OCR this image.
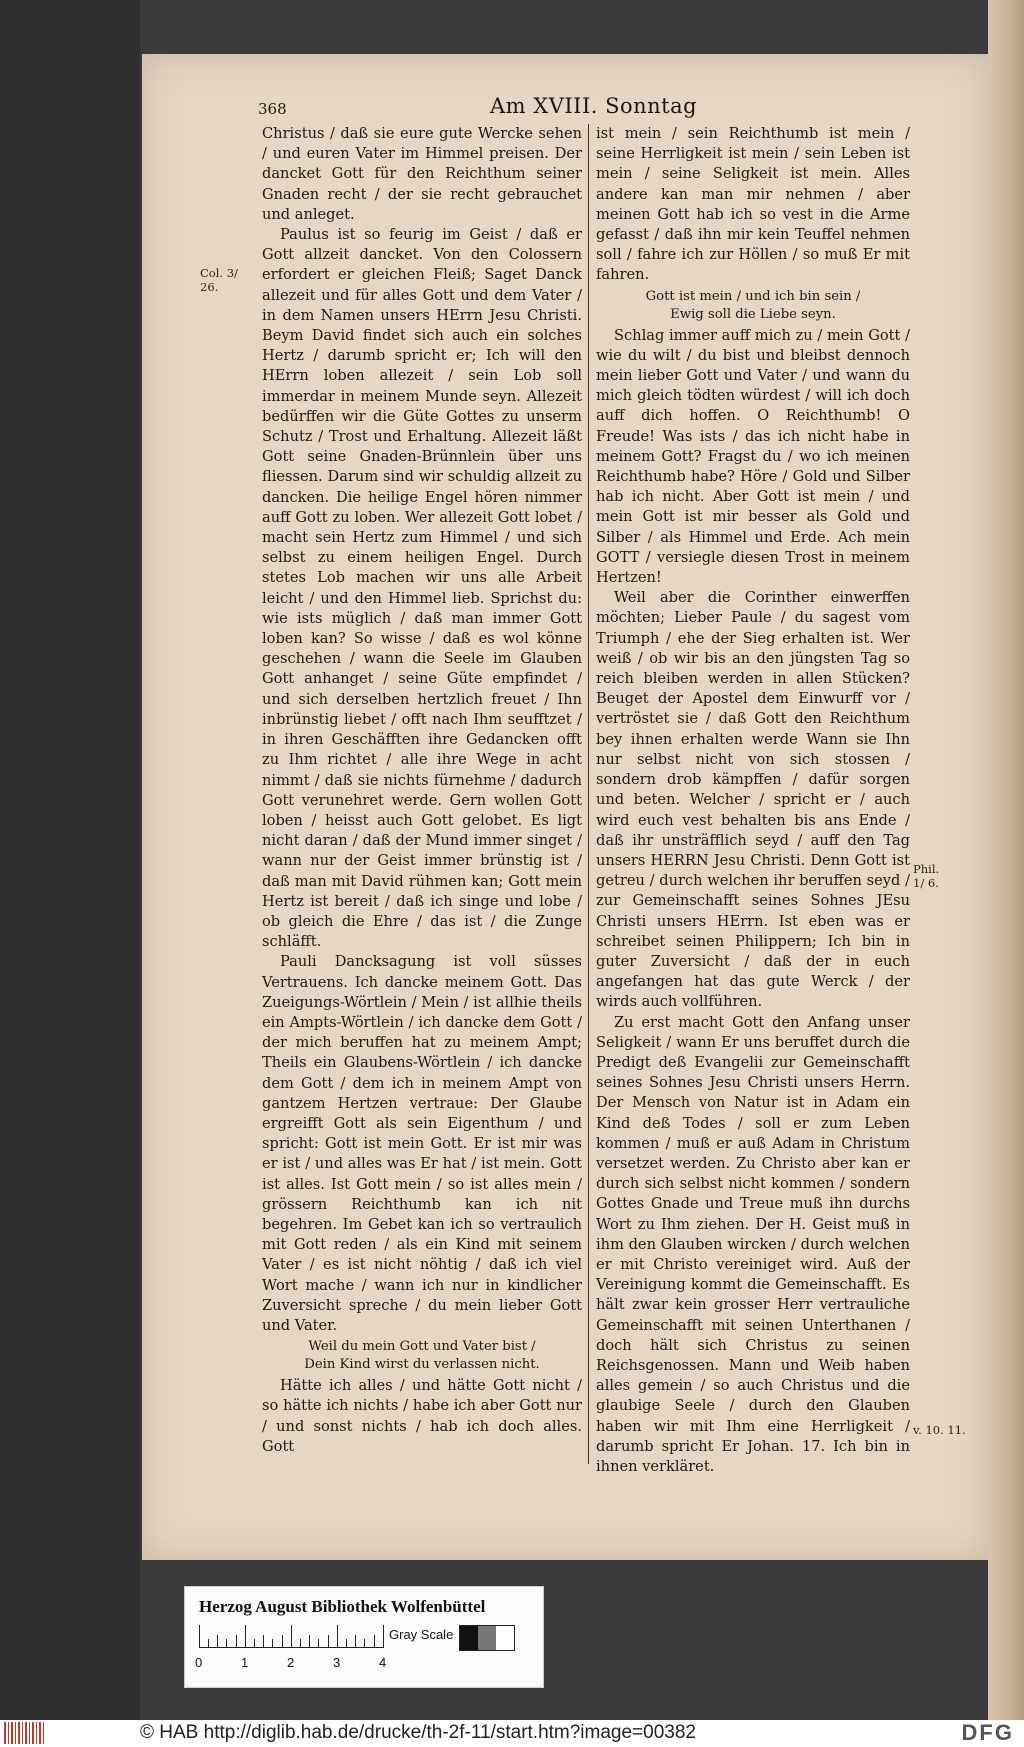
368	Am XVIII. Sonntag

Christus / daß sie eure gute Wercke sehen / und euren Vater im Himmel preisen. Der dancket Gott für den Reichthum seiner Gnaden recht / der sie recht gebrauchet und anleget.

Paulus ist so feurig im Geist / daß er Gott allzeit dancket. Von den Colossern erfordert er gleichen Fleiß; Saget Danck allezeit und für alles Gott und dem Vater / in dem Namen unsers HErrn Jesu Christi. Beym David findet sich auch ein solches Hertz / darumb spricht er; Ich will den HErrn loben allezeit / sein Lob soll immerdar in meinem Munde seyn. Allezeit bedürffen wir die Güte Gottes zu unserm Schutz / Trost und Erhaltung. Allezeit läßt Gott seine Gnaden-Brünnlein über uns fliessen. Darum sind wir schuldig allzeit zu dancken. Die heilige Engel hören nimmer auff Gott zu loben. Wer allezeit Gott lobet / macht sein Hertz zum Himmel / und sich selbst zu einem heiligen Engel. Durch stetes Lob machen wir uns alle Arbeit leicht / und den Himmel lieb. Sprichst du: wie ists müglich / daß man immer Gott loben kan? So wisse / daß es wol könne geschehen / wann die Seele im Glauben Gott anhanget / seine Güte empfindet / und sich derselben hertzlich freuet / Ihn inbrünstig liebet / offt nach Ihm seufftzet / in ihren Geschäfften ihre Gedancken offt zu Ihm richtet / alle ihre Wege in acht nimmt / daß sie nichts fürnehme / dadurch Gott verunehret werde. Gern wollen Gott loben / heisst auch Gott gelobet. Es ligt nicht daran / daß der Mund immer singet / wann nur der Geist immer brünstig ist / daß man mit David rühmen kan; Gott mein Hertz ist bereit / daß ich singe und lobe / ob gleich die Ehre / das ist / die Zunge schläfft.

Pauli Dancksagung ist voll süsses Vertrauens. Ich dancke meinem Gott. Das Zueigungs-Wörtlein / Mein / ist allhie theils ein Ampts-Wörtlein / ich dancke dem Gott / der mich beruffen hat zu meinem Ampt; Theils ein Glaubens-Wörtlein / ich dancke dem Gott / dem ich in meinem Ampt von gantzem Hertzen vertraue: Der Glaube ergreifft Gott als sein Eigenthum / und spricht: Gott ist mein Gott. Er ist mir was er ist / und alles was Er hat / ist mein. Gott ist alles. Ist Gott mein / so ist alles mein / grössern Reichthumb kan ich nit begehren. Im Gebet kan ich so vertraulich mit Gott reden / als ein Kind mit seinem Vater / es ist nicht nöhtig / daß ich viel Wort mache / wann ich nur in kindlicher Zuversicht spreche / du mein lieber Gott und Vater.

Weil du mein Gott und Vater bist /
Dein Kind wirst du verlassen nicht.

Hätte ich alles / und hätte Gott nicht / so hätte ich nichts / habe ich aber Gott nur / und sonst nichts / hab ich doch alles. Gott

ist mein / sein Reichthumb ist mein / seine Herrligkeit ist mein / sein Leben ist mein / seine Seligkeit ist mein. Alles andere kan man mir nehmen / aber meinen Gott hab ich so vest in die Arme gefasst / daß ihn mir kein Teuffel nehmen soll / fahre ich zur Höllen / so muß Er mit fahren.

Gott ist mein / und ich bin sein /
Ewig soll die Liebe seyn.

Schlag immer auff mich zu / mein Gott / wie du wilt / du bist und bleibst dennoch mein lieber Gott und Vater / und wann du mich gleich tödten würdest / will ich doch auff dich hoffen. O Reichthumb! O Freude! Was ists / das ich nicht habe in meinem Gott? Fragst du / wo ich meinen Reichthumb habe? Höre / Gold und Silber hab ich nicht. Aber Gott ist mein / und mein Gott ist mir besser als Gold und Silber / als Himmel und Erde. Ach mein GOTT / versiegle diesen Trost in meinem Hertzen!

Weil aber die Corinther einwerffen möchten; Lieber Paule / du sagest vom Triumph / ehe der Sieg erhalten ist. Wer weiß / ob wir bis an den jüngsten Tag so reich bleiben werden in allen Stücken? Beuget der Apostel dem Einwurff vor / vertröstet sie / daß Gott den Reichthum bey ihnen erhalten werde Wann sie Ihn nur selbst nicht von sich stossen / sondern drob kämpffen / dafür sorgen und beten. Welcher / spricht er / auch wird euch vest behalten bis ans Ende / daß ihr unsträfflich seyd / auff den Tag unsers HERRN Jesu Christi. Denn Gott ist getreu / durch welchen ihr beruffen seyd / zur Gemeinschafft seines Sohnes JEsu Christi unsers HErrn. Ist eben was er schreibet seinen Philippern; Ich bin in guter Zuversicht / daß der in euch angefangen hat das gute Werck / der wirds auch vollführen.

Zu erst macht Gott den Anfang unser Seligkeit / wann Er uns beruffet durch die Predigt deß Evangelii zur Gemeinschafft seines Sohnes Jesu Christi unsers Herrn. Der Mensch von Natur ist in Adam ein Kind deß Todes / soll er zum Leben kommen / muß er auß Adam in Christum versetzet werden. Zu Christo aber kan er durch sich selbst nicht kommen / sondern Gottes Gnade und Treue muß ihn durchs Wort zu Ihm ziehen. Der H. Geist muß in ihm den Glauben wircken / durch welchen er mit Christo vereiniget wird. Auß der Vereinigung kommt die Gemeinschafft. Es hält zwar kein grosser Herr vertrauliche Gemeinschafft mit seinen Unterthanen / doch hält sich Christus zu seinen Reichsgenossen. Mann und Weib haben alles gemein / so auch Christus und die glaubige Seele / durch den Glauben haben wir mit Ihm eine Herrligkeit / darumb spricht Er Johan. 17. Ich bin in ihnen verkläret.

Col. 3/ 26.
Phil. 1/ 6.
v. 10. 11.
Herzog August Bibliothek Wolfenbüttel
0	1	2	3	4
Gray Scale
© HAB http://diglib.hab.de/drucke/th-2f-11/start.htm?image=00382	DFG
